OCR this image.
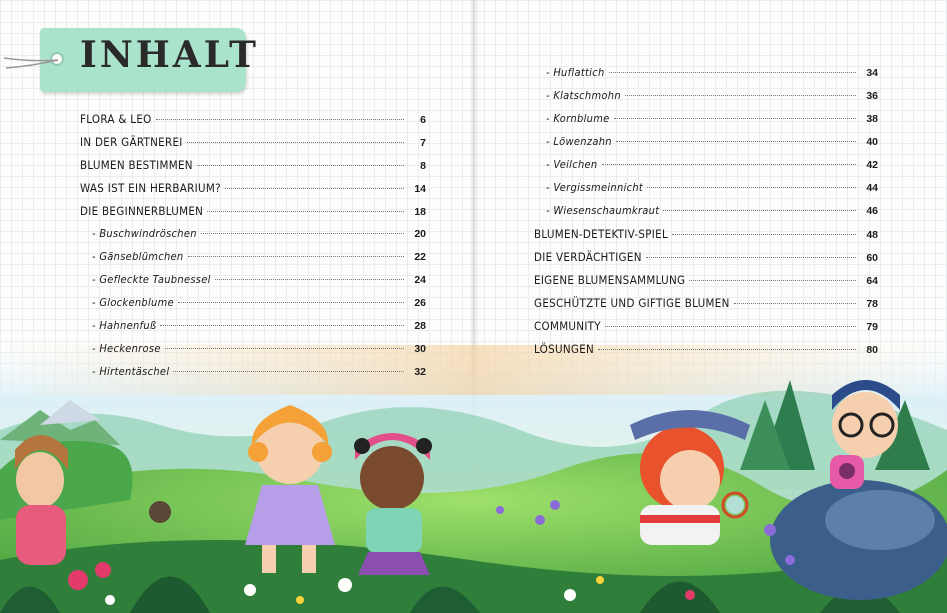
INHALT
FLORA & LEO	6
IN DER GÄRTNEREI	7
BLUMEN BESTIMMEN	8
WAS IST EIN HERBARIUM?	14
DIE BEGINNERBLUMEN	18
- Buschwindröschen	20
- Gänseblümchen	22
- Gefleckte Taubnessel	24
- Glockenblume	26
- Hahnenfuß	28
- Heckenrose	30
- Hirtentäschel	32
- Huflattich	34
- Klatschmohn	36
- Kornblume	38
- Löwenzahn	40
- Veilchen	42
- Vergissmeinnicht	44
- Wiesenschaumkraut	46
BLUMEN-DETEKTIV-SPIEL	48
DIE VERDÄCHTIGEN	60
EIGENE BLUMENSAMMLUNG	64
GESCHÜTZTE UND GIFTIGE BLUMEN	78
COMMUNITY	79
LÖSUNGEN	80
